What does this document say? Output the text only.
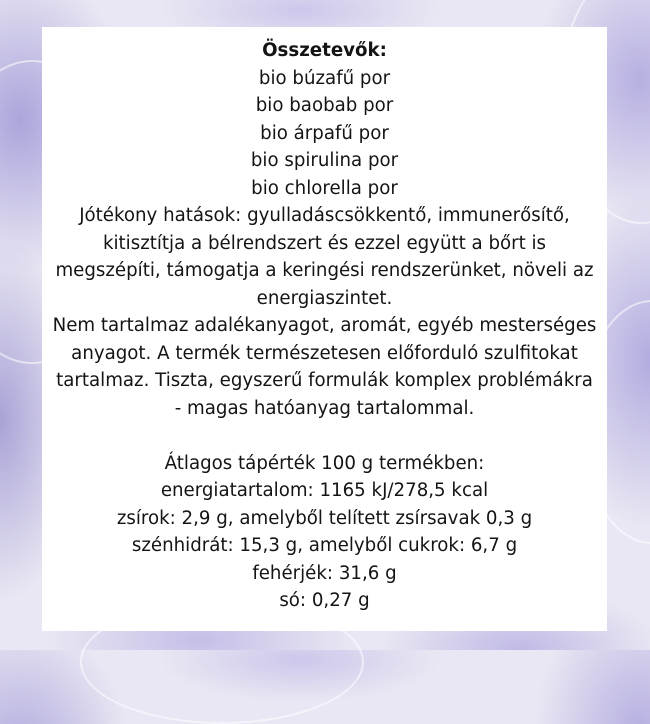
Összetevők:
bio búzafű por
bio baobab por
bio árpafű por
bio spirulina por
bio chlorella por
Jótékony hatások: gyulladáscsökkentő, immunerősítő,
kitisztítja a bélrendszert és ezzel együtt a bőrt is
megszépíti, támogatja a keringési rendszerünket, növeli az
energiaszintet.
Nem tartalmaz adalékanyagot, aromát, egyéb mesterséges
anyagot. A termék természetesen előforduló szulfitokat
tartalmaz. Tiszta, egyszerű formulák komplex problémákra
- magas hatóanyag tartalommal.
Átlagos tápérték 100 g termékben:
energiatartalom: 1165 kJ/278,5 kcal
zsírok: 2,9 g, amelyből telített zsírsavak 0,3 g
szénhidrát: 15,3 g, amelyből cukrok: 6,7 g
fehérjék: 31,6 g
só: 0,27 g
